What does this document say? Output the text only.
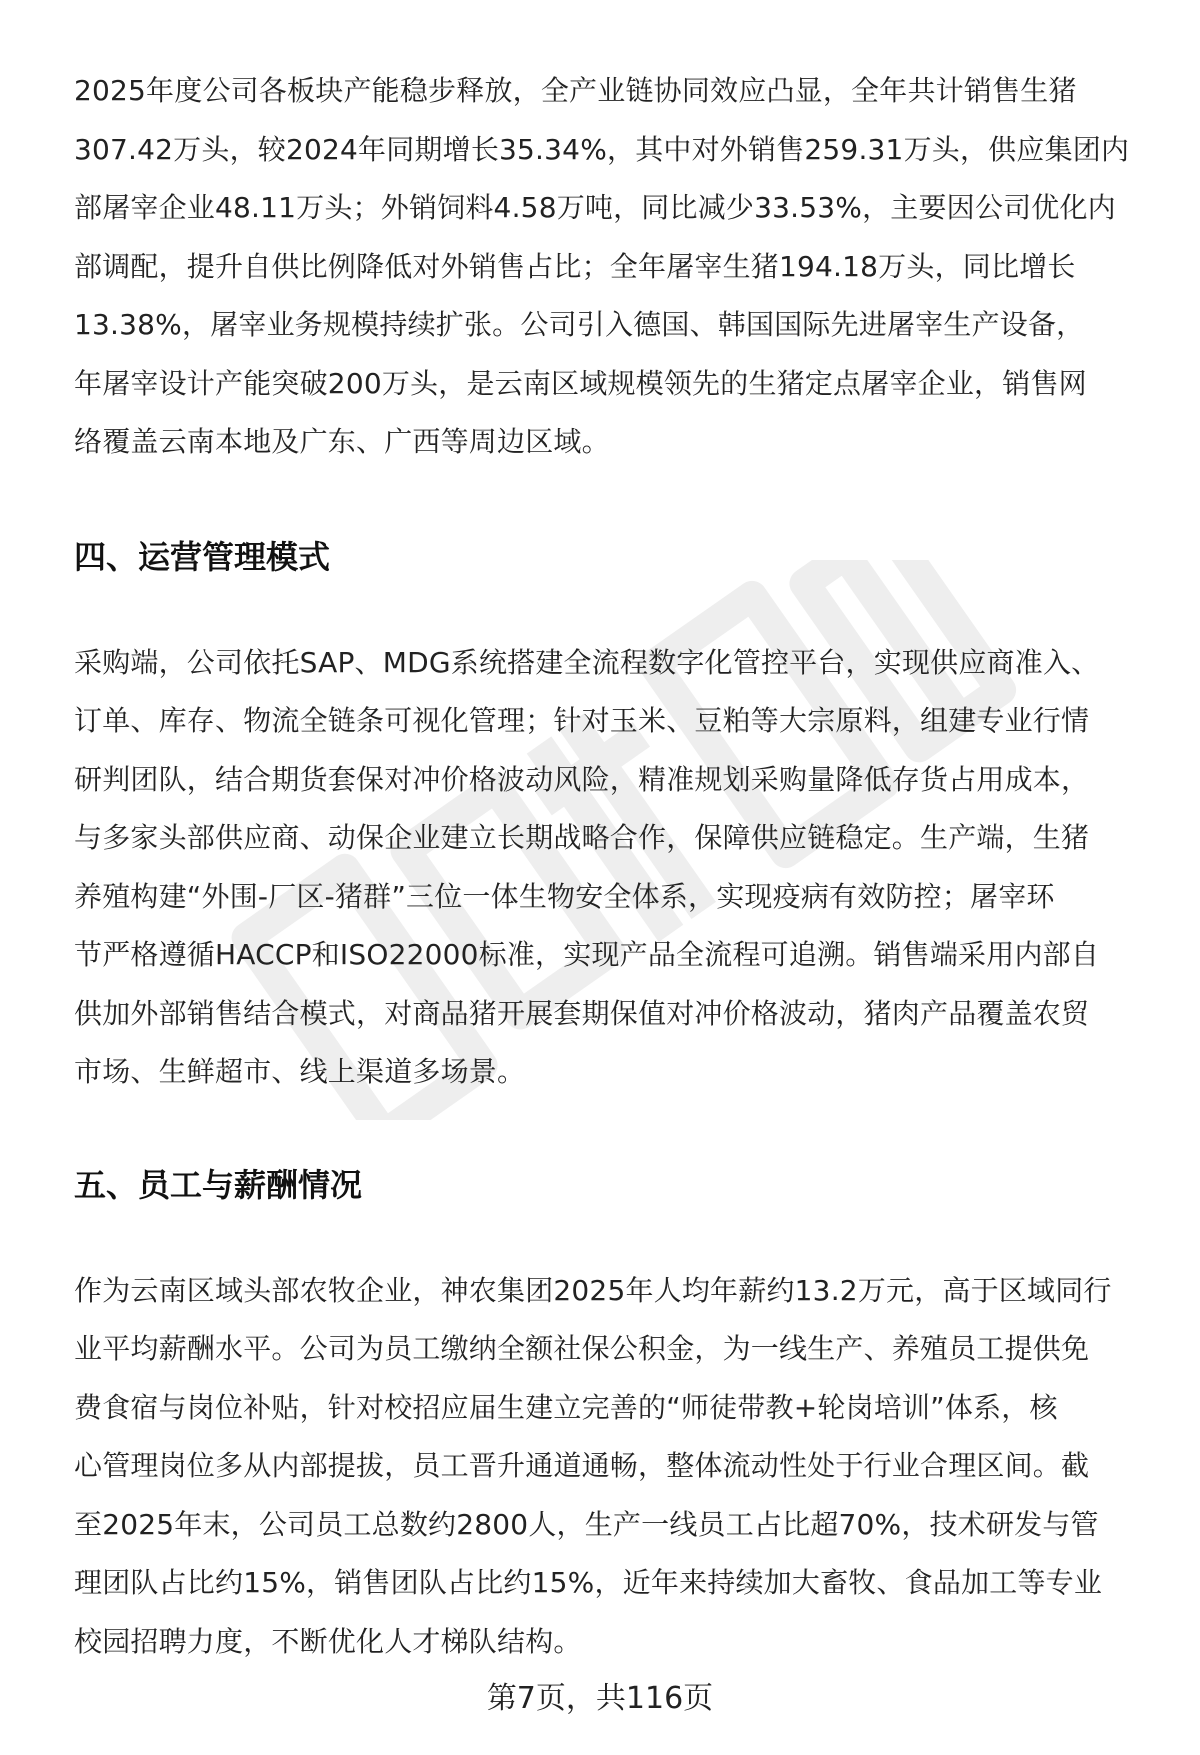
2025年度公司各板块产能稳步释放，全产业链协同效应凸显，全年共计销售生猪
307.42万头，较2024年同期增长35.34%，其中对外销售259.31万头，供应集团内
部屠宰企业48.11万头；外销饲料4.58万吨，同比减少33.53%，主要因公司优化内
部调配，提升自供比例降低对外销售占比；全年屠宰生猪194.18万头，同比增长
13.38%，屠宰业务规模持续扩张。公司引入德国、韩国国际先进屠宰生产设备，
年屠宰设计产能突破200万头，是云南区域规模领先的生猪定点屠宰企业，销售网
络覆盖云南本地及广东、广西等周边区域。

四、运营管理模式

采购端，公司依托SAP、MDG系统搭建全流程数字化管控平台，实现供应商准入、
订单、库存、物流全链条可视化管理；针对玉米、豆粕等大宗原料，组建专业行情
研判团队，结合期货套保对冲价格波动风险，精准规划采购量降低存货占用成本，
与多家头部供应商、动保企业建立长期战略合作，保障供应链稳定。生产端，生猪
养殖构建“外围-厂区-猪群”三位一体生物安全体系，实现疫病有效防控；屠宰环
节严格遵循HACCP和ISO22000标准，实现产品全流程可追溯。销售端采用内部自
供加外部销售结合模式，对商品猪开展套期保值对冲价格波动，猪肉产品覆盖农贸
市场、生鲜超市、线上渠道多场景。

五、员工与薪酬情况

作为云南区域头部农牧企业，神农集团2025年人均年薪约13.2万元，高于区域同行
业平均薪酬水平。公司为员工缴纳全额社保公积金，为一线生产、养殖员工提供免
费食宿与岗位补贴，针对校招应届生建立完善的“师徒带教+轮岗培训”体系，核
心管理岗位多从内部提拔，员工晋升通道通畅，整体流动性处于行业合理区间。截
至2025年末，公司员工总数约2800人，生产一线员工占比超70%，技术研发与管
理团队占比约15%，销售团队占比约15%，近年来持续加大畜牧、食品加工等专业
校园招聘力度，不断优化人才梯队结构。

第7页，共116页
